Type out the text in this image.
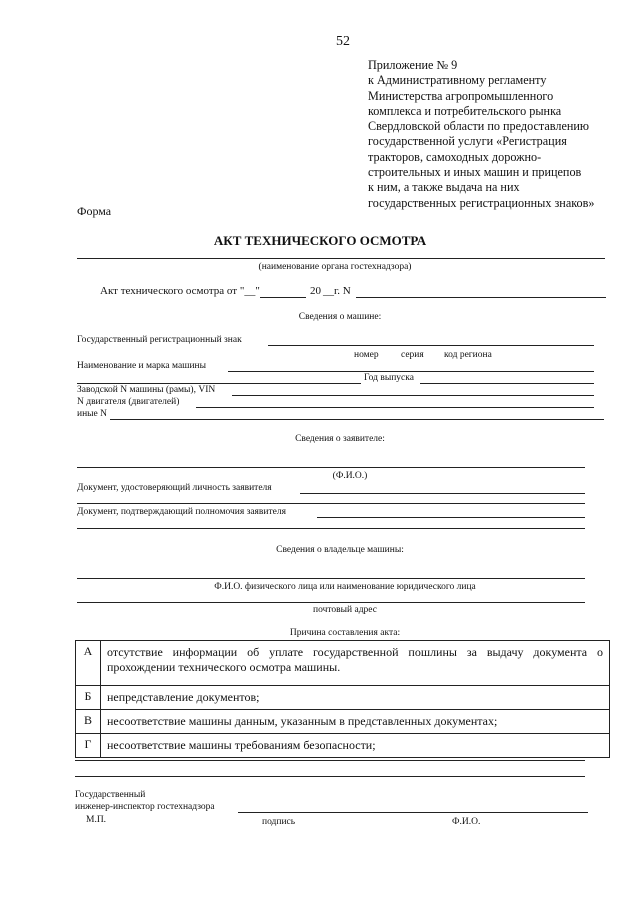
52
Приложение № 9
к Административному регламенту
Министерства агропромышленного
комплекса и потребительского рынка
Свердловской области по предоставлению
государственной услуги «Регистрация
тракторов, самоходных дорожно-
строительных и иных машин и прицепов
к ним, а также выдача на них
государственных регистрационных знаков»
Форма
АКТ ТЕХНИЧЕСКОГО ОСМОТРА
(наименование органа гостехнадзора)
Акт технического осмотра от "__"	20 __ г. N
Сведения о машине:
Государственный регистрационный знак
номер серия код региона
Наименование и марка машины
Год выпуска
Заводской N машины (рамы), VIN
N двигателя (двигателей)
иные N
Сведения о заявителе:
(Ф.И.О.)
Документ, удостоверяющий личность заявителя
Документ, подтверждающий полномочия заявителя
Сведения о владельце машины:
Ф.И.О. физического лица или наименование юридического лица
почтовый адрес
Причина составления акта:
А	отсутствие информации об уплате государственной пошлины за выдачу документа о прохождении технического осмотра машины.
Б	непредставление документов;
В	несоответствие машины данным, указанным в представленных документах;
Г	несоответствие машины требованиям безопасности;
Государственный
инженер-инспектор гостехнадзора
М.П.	подпись	Ф.И.О.
